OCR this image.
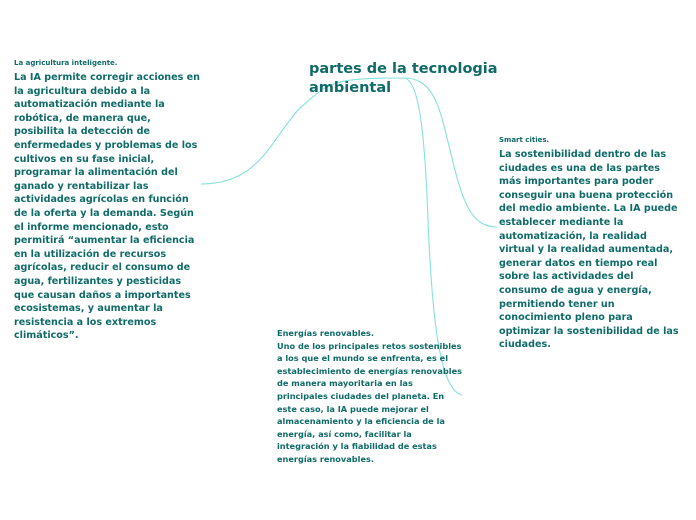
partes de la tecnologia ambiental
La agricultura inteligente.
La IA permite corregir acciones en la agricultura debido a la automatización mediante la robótica, de manera que, posibilita la detección de enfermedades y problemas de los cultivos en su fase inicial, programar la alimentación del ganado y rentabilizar las actividades agrícolas en función de la oferta y la demanda. Según el informe mencionado, esto permitirá “aumentar la eficiencia en la utilización de recursos agrícolas, reducir el consumo de agua, fertilizantes y pesticidas que causan daños a importantes ecosistemas, y aumentar la resistencia a los extremos climáticos”.
Smart cities.
La sostenibilidad dentro de las ciudades es una de las partes más importantes para poder conseguir una buena protección del medio ambiente. La IA puede establecer mediante la automatización, la realidad virtual y la realidad aumentada, generar datos en tiempo real sobre las actividades del consumo de agua y energía, permitiendo tener un conocimiento pleno para optimizar la sostenibilidad de las ciudades.
Energías renovables.
Uno de los principales retos sostenibles a los que el mundo se enfrenta, es el establecimiento de energías renovables de manera mayoritaria en las principales ciudades del planeta. En este caso, la IA puede mejorar el almacenamiento y la eficiencia de la energía, así como, facilitar la integración y la fiabilidad de estas energías renovables.
